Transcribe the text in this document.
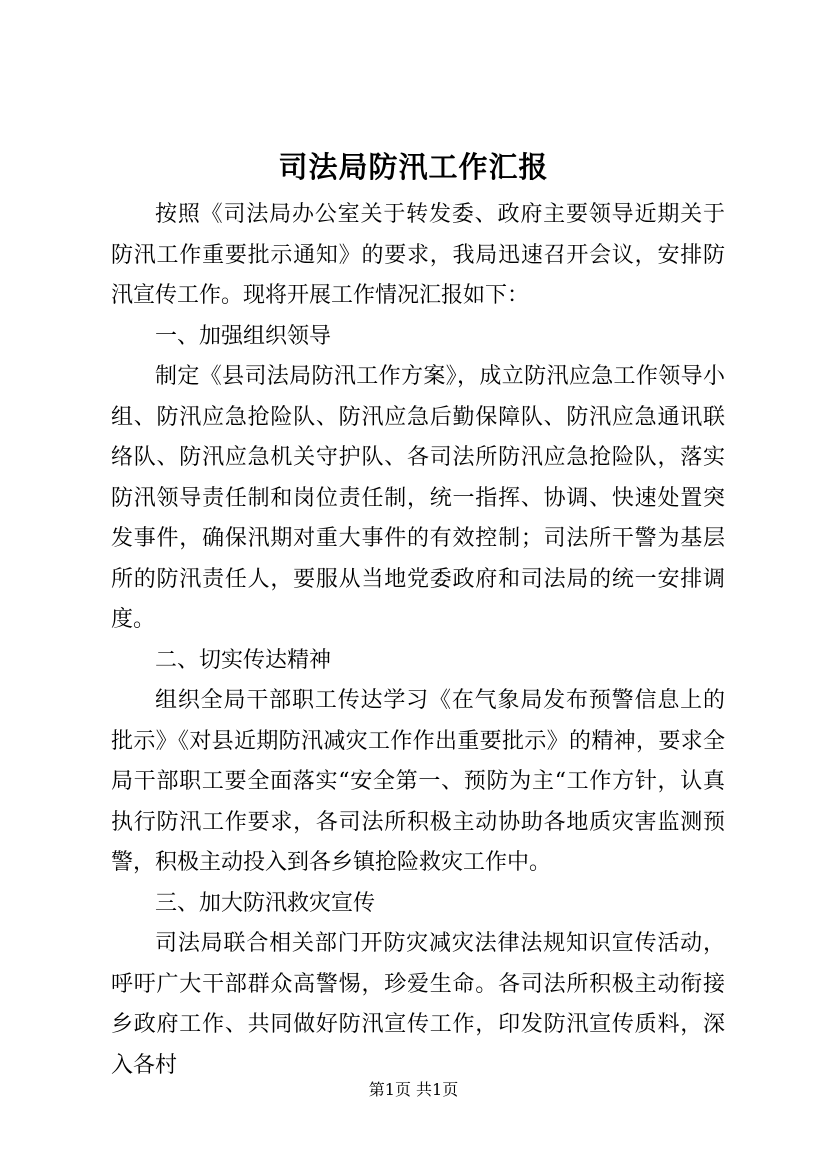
司法局防汛工作汇报

按照《司法局办公室关于转发委、政府主要领导近期关于防汛工作重要批示通知》的要求，我局迅速召开会议，安排防汛宣传工作。现将开展工作情况汇报如下：

一、加强组织领导

制定《县司法局防汛工作方案》，成立防汛应急工作领导小组、防汛应急抢险队、防汛应急后勤保障队、防汛应急通讯联络队、防汛应急机关守护队、各司法所防汛应急抢险队，落实防汛领导责任制和岗位责任制，统一指挥、协调、快速处置突发事件，确保汛期对重大事件的有效控制；司法所干警为基层所的防汛责任人，要服从当地党委政府和司法局的统一安排调度。

二、切实传达精神

组织全局干部职工传达学习《在气象局发布预警信息上的批示》《对县近期防汛减灾工作作出重要批示》的精神，要求全局干部职工要全面落实“安全第一、预防为主“工作方针，认真执行防汛工作要求，各司法所积极主动协助各地质灾害监测预警，积极主动投入到各乡镇抢险救灾工作中。

三、加大防汛救灾宣传

司法局联合相关部门开防灾减灾法律法规知识宣传活动，呼吁广大干部群众高警惕，珍爱生命。各司法所积极主动衔接乡政府工作、共同做好防汛宣传工作，印发防汛宣传质料，深入各村

第1页 共1页
